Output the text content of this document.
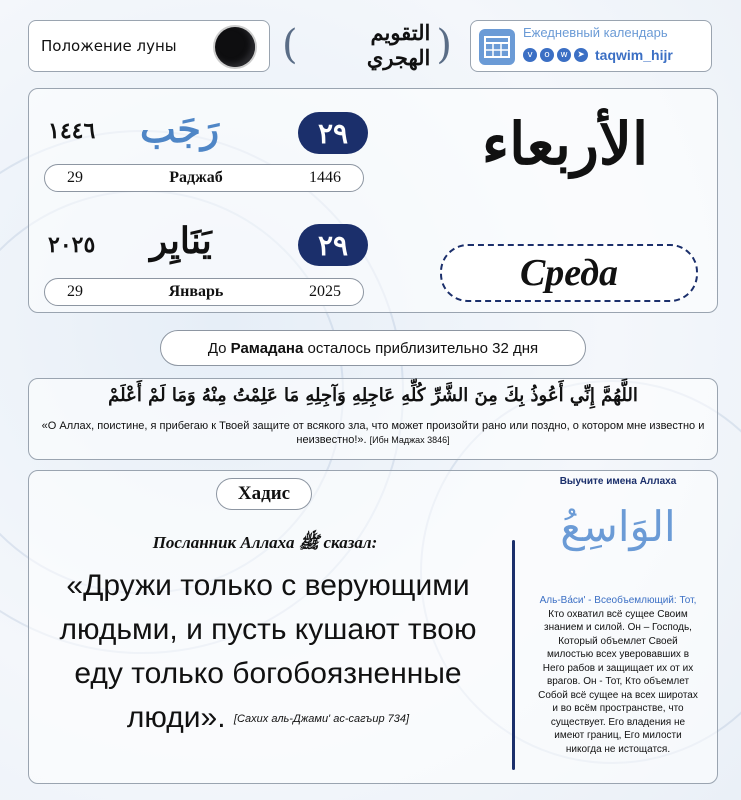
Положение луны	(	التقويم الهجري )	Ежедневный календарь
v	o	w	➤ taqwim_hijr
١٤٤٦ رَجَب	٢٩
29	Раджаб	1446
٢٠٢٥ يَنَايِر	٢٩
29	Январь	2025
الأربعاء
Среда
До
Рамадана
осталось приблизительно 32 дня
اللَّهُمَّ إِنِّي أَعُوذُ بِكَ مِنَ الشَّرِّ كُلِّهِ عَاجِلِهِ وَآجِلِهِ مَا عَلِمْتُ مِنْهُ وَمَا لَمْ أَعْلَمْ
«О Аллах, поистине, я прибегаю к Твоей защите от всякого зла, что может произойти рано или поздно, о котором мне известно и неизвестно!». [Ибн Маджах 3846]
Хадис
Посланник Аллаха ﷺ сказал:
«Дружи только с верующими
людьми, и пусть кушают твою
еду только богобоязненные
люди». [Сахих аль-Джами' ас-сагъир 734]
Выучите имена Аллаха
الوَاسِعُ
Аль-Ва́си' - Всеобъемлющий: Тот,
Кто охватил всё сущее Своим
знанием и силой. Он – Господь,
Который объемлет Своей
милостью всех уверовавших в
Него рабов и защищает их от их
врагов. Он - Тот, Кто объемлет
Собой всё сущее на всех широтах
и во всём пространстве, что
существует. Его владения не
имеют границ, Его милости
никогда не истощатся.
